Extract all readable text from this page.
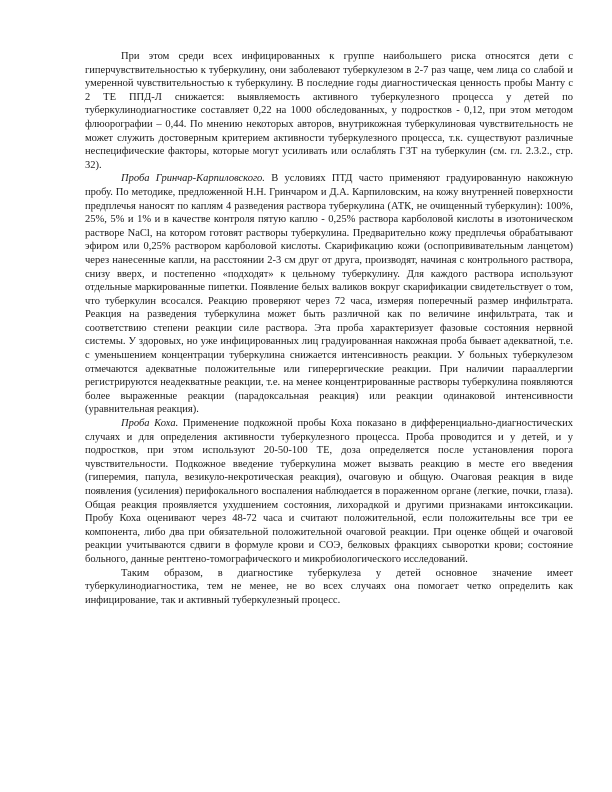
При этом среди всех инфицированных к группе наибольшего риска относятся дети с гиперчувствительностью к туберкулину, они заболевают туберкулезом в 2-7 раз чаще, чем лица со слабой и умеренной чувствительностью к туберкулину. В последние годы диагностическая ценность пробы Манту с 2 ТЕ ППД-Л снижается: выявляемость активного туберкулезного процесса у детей по туберкулинодиагностике составляет 0,22 на 1000 обследованных, у подростков - 0,12, при этом методом флюорографии – 0,44. По мнению некоторых авторов, внутрикожная туберкулиновая чувствительность не может служить достоверным критерием активности туберкулезного процесса, т.к. существуют различные неспецифические факторы, которые могут усиливать или ослаблять ГЗТ на туберкулин (см. гл. 2.3.2., стр. 32).

Проба Гринчар-Карпиловского. В условиях ПТД часто применяют градуированную накожную пробу. По методике, предложенной Н.Н. Гринчаром и Д.А. Карпиловским, на кожу внутренней поверхности предплечья наносят по каплям 4 разведения раствора туберкулина (АТК, не очищенный туберкулин): 100%, 25%, 5% и 1% и в качестве контроля пятую каплю - 0,25% раствора карболовой кислоты в изотоническом растворе NaCl, на котором готовят растворы туберкулина. Предварительно кожу предплечья обрабатывают эфиром или 0,25% раствором карболовой кислоты. Скарификацию кожи (оспопрививательным ланцетом) через нанесенные капли, на расстоянии 2-3 см друг от друга, производят, начиная с контрольного раствора, снизу вверх, и постепенно «подходят» к цельному туберкулину. Для каждого раствора используют отдельные маркированные пипетки. Появление белых валиков вокруг скарификации свидетельствует о том, что туберкулин всосался. Реакцию проверяют через 72 часа, измеряя поперечный размер инфильтрата. Реакция на разведения туберкулина может быть различной как по величине инфильтрата, так и соответствию степени реакции силе раствора. Эта проба характеризует фазовые состояния нервной системы. У здоровых, но уже инфицированных лиц градуированная накожная проба бывает адекватной, т.е. с уменьшением концентрации туберкулина снижается интенсивность реакции. У больных туберкулезом отмечаются адекватные положительные или гиперергические реакции. При наличии парааллергии регистрируются неадекватные реакции, т.е. на менее концентрированные растворы туберкулина появляются более выраженные реакции (парадоксальная реакция) или реакции одинаковой интенсивности (уравнительная реакция).

Проба Коха. Применение подкожной пробы Коха показано в дифференциально-диагностических случаях и для определения активности туберкулезного процесса. Проба проводится и у детей, и у подростков, при этом используют 20-50-100 ТЕ, доза определяется после установления порога чувствительности. Подкожное введение туберкулина может вызвать реакцию в месте его введения (гиперемия, папула, везикуло-некротическая реакция), очаговую и общую. Очаговая реакция в виде появления (усиления) перифокального воспаления наблюдается в пораженном органе (легкие, почки, глаза). Общая реакция проявляется ухудшением состояния, лихорадкой и другими признаками интоксикации. Пробу Коха оценивают через 48-72 часа и считают положительной, если положительны все три ее компонента, либо два при обязательной положительной очаговой реакции. При оценке общей и очаговой реакции учитываются сдвиги в формуле крови и СОЭ, белковых фракциях сыворотки крови; состояние больного, данные рентгено-томографического и микробиологического исследований.

Таким образом, в диагностике туберкулеза у детей основное значение имеет туберкулинодиагностика, тем не менее, не во всех случаях она помогает четко определить как инфицирование, так и активный туберкулезный процесс.
